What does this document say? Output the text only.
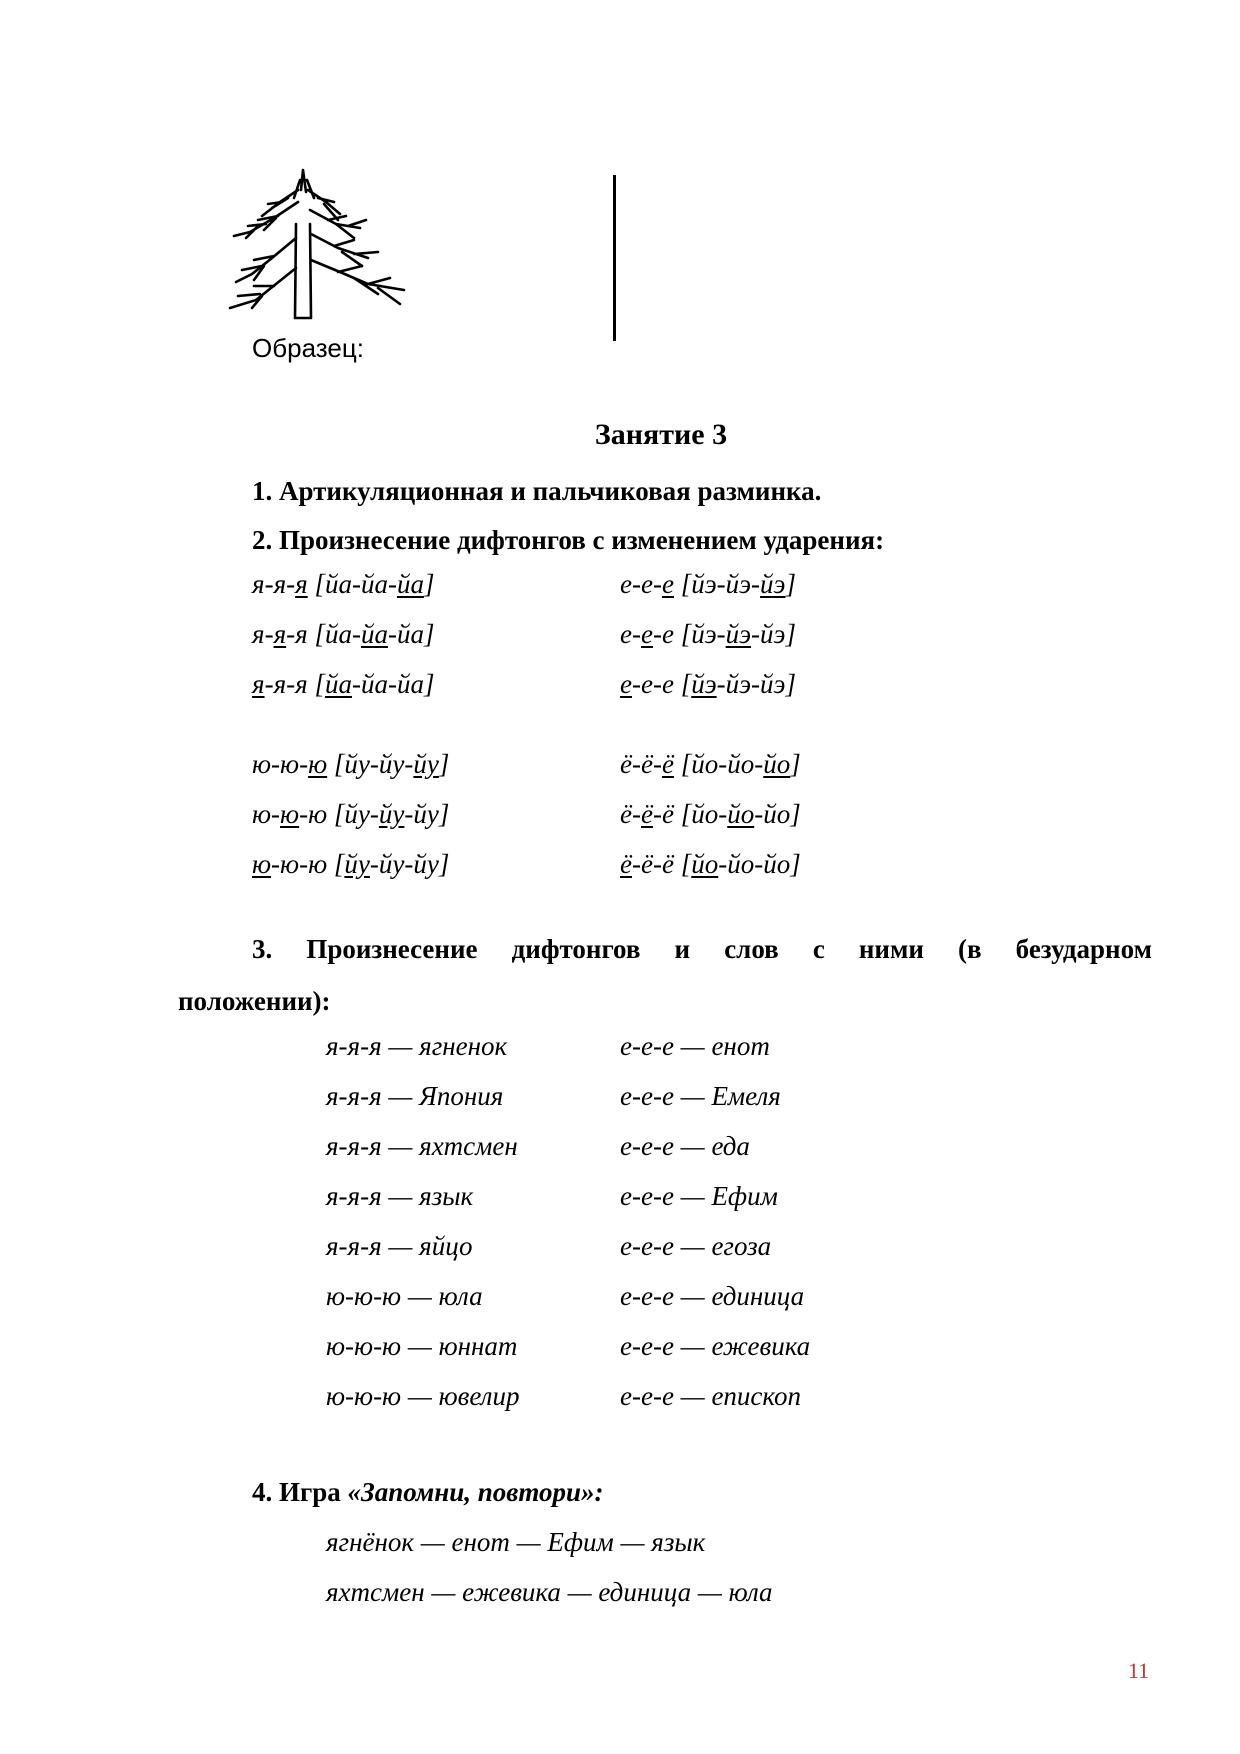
Образец:
Занятие 3
1. Артикуляционная и пальчиковая разминка.
2. Произнесение дифтонгов с изменением ударения:
я-я-я [йа-йа-йа]	е-е-е [йэ-йэ-йэ]
я-я-я [йа-йа-йа]	е-е-е [йэ-йэ-йэ]
я-я-я [йа-йа-йа]	е-е-е [йэ-йэ-йэ]
ю-ю-ю [йу-йу-йу]	ё-ё-ё [йо-йо-йо]
ю-ю-ю [йу-йу-йу]	ё-ё-ё [йо-йо-йо]
ю-ю-ю [йу-йу-йу]	ё-ё-ё [йо-йо-йо]
3. Произнесение дифтонгов и слов с ними (в безударном
положении):
я-я-я — ягненок	е-е-е — енот
я-я-я — Япония	е-е-е — Емеля
я-я-я — яхтсмен	е-е-е — еда
я-я-я — язык	е-е-е — Ефим
я-я-я — яйцо	е-е-е — егоза
ю-ю-ю — юла	е-е-е — единица
ю-ю-ю — юннат	е-е-е — ежевика
ю-ю-ю — ювелир	е-е-е — епископ
4. Игра «Запомни, повтори»:
ягнёнок — енот — Ефим — язык
яхтсмен — ежевика — единица — юла
11
